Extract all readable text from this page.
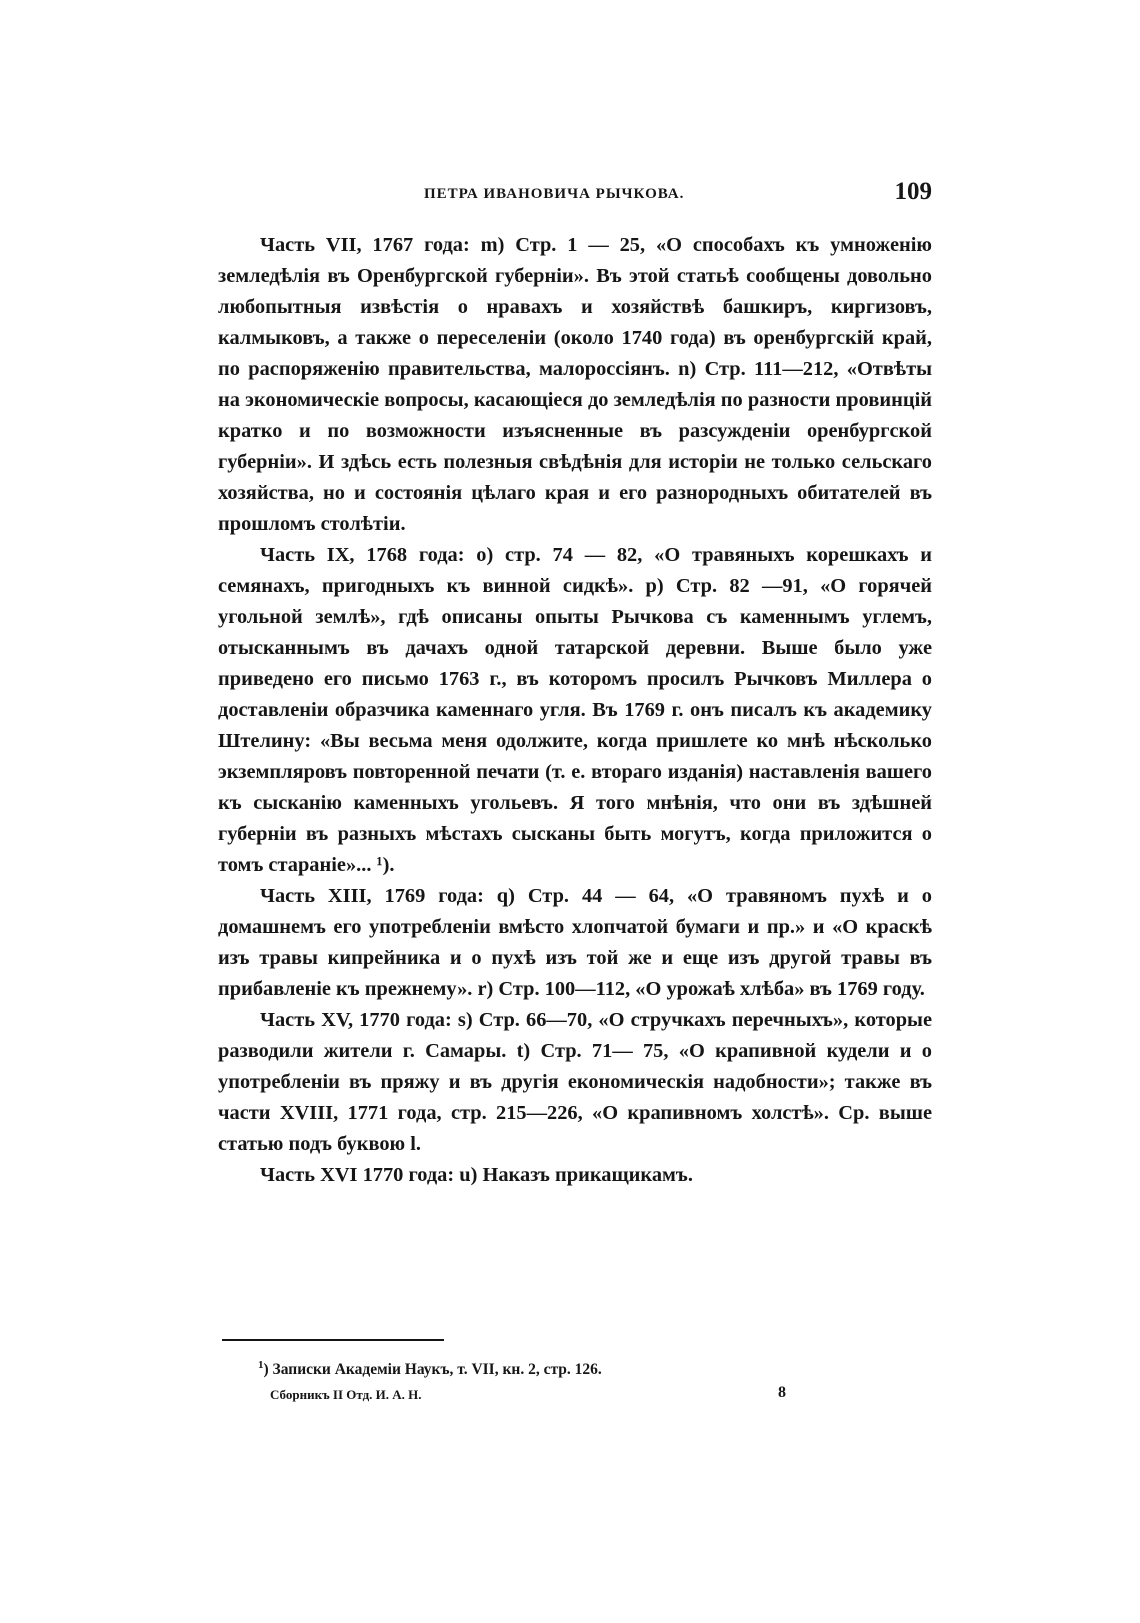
ПЕТРА ИВАНОВИЧА РЫЧКОВА.	109

Часть VII, 1767 года: m) Стр. 1 — 25, «О способахъ къ умноженію земледѣлія въ Оренбургской губерніи». Въ этой статьѣ сообщены довольно любопытныя извѣстія о нравахъ и хозяйствѣ башкиръ, киргизовъ, калмыковъ, а также о переселеніи (около 1740 года) въ оренбургскій край, по распоряженію правительства, малороссіянъ. n) Стр. 111—212, «Отвѣты на экономическіе вопросы, касающіеся до земледѣлія по разности провинцій кратко и по возможности изъясненные въ разсужденіи оренбургской губерніи». И здѣсь есть полезныя свѣдѣнія для исторіи не только сельскаго хозяйства, но и состоянія цѣлаго края и его разнородныхъ обитателей въ прошломъ столѣтіи.

Часть IX, 1768 года: o) стр. 74 — 82, «О травяныхъ корешкахъ и семянахъ, пригодныхъ къ винной сидкѣ». p) Стр. 82 —91, «О горячей угольной землѣ», гдѣ описаны опыты Рычкова съ каменнымъ углемъ, отысканнымъ въ дачахъ одной татарской деревни. Выше было уже приведено его письмо 1763 г., въ которомъ просилъ Рычковъ Миллера о доставленіи образчика каменнаго угля. Въ 1769 г. онъ писалъ къ академику Штелину: «Вы весьма меня одолжите, когда пришлете ко мнѣ нѣсколько экземпляровъ повторенной печати (т. е. втораго изданія) наставленія вашего къ сысканію каменныхъ угольевъ. Я того мнѣнія, что они въ здѣшней губерніи въ разныхъ мѣстахъ сысканы быть могутъ, когда приложится о томъ стараніе»... ¹).

Часть XIII, 1769 года: q) Стр. 44 — 64, «О травяномъ пухѣ и о домашнемъ его употребленіи вмѣсто хлопчатой бумаги и пр.» и «О краскѣ изъ травы кипрейника и о пухѣ изъ той же и еще изъ другой травы въ прибавленіе къ прежнему». r) Стр. 100—112, «О урожаѣ хлѣба» въ 1769 году.

Часть XV, 1770 года: s) Стр. 66—70, «О стручкахъ перечныхъ», которые разводили жители г. Самары. t) Стр. 71— 75, «О крапивной кудели и о употребленіи въ пряжу и въ другія економическія надобности»; также въ части XVIII, 1771 года, стр. 215—226, «О крапивномъ холстѣ». Ср. выше статью подъ буквою l.

Часть XVI 1770 года: u) Наказъ прикащикамъ.

$^1$) Записки Академіи Наукъ, т. VII, кн. 2, стр. 126.
Сборникъ II Отд. И. А. Н.	8
